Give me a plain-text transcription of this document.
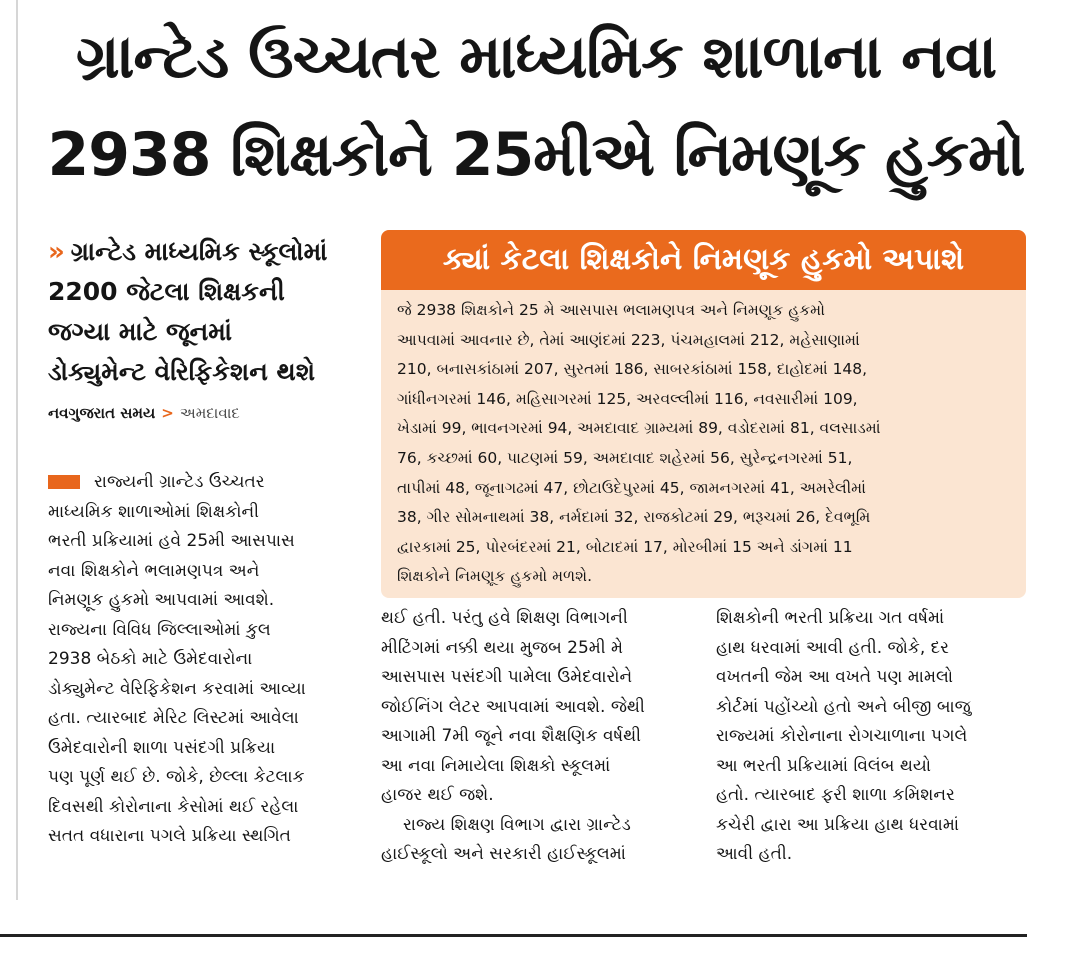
ગ્રાન્ટેડ ઉચ્ચતર માધ્યમિક શાળાના નવા
2938 શિક્ષકોને 25મીએ નિમણૂક હુકમો
» ગ્રાન્ટેડ માધ્યમિક સ્કૂલોમાં
2200 જેટલા શિક્ષકની
જગ્યા માટે જૂનમાં
ડોક્યુમેન્ટ વેરિફિકેશન થશે
નવગુજરાત સમય > અમદાવાદ
ક્યાં કેટલા શિક્ષકોને નિમણૂક હુકમો અપાશે
જે 2938 શિક્ષકોને 25 મે આસપાસ ભલામણપત્ર અને નિમણૂક હુકમો
આપવામાં આવનાર છે, તેમાં આણંદમાં 223, પંચમહાલમાં 212, મહેસાણામાં
210, બનાસકાંઠામાં 207, સુરતમાં 186, સાબરકાંઠામાં 158, દાહોદમાં 148,
ગાંધીનગરમાં 146, મહિસાગરમાં 125, અરવલ્લીમાં 116, નવસારીમાં 109,
ખેડામાં 99, ભાવનગરમાં 94, અમદાવાદ ગ્રામ્યમાં 89, વડોદરામાં 81, વલસાડમાં
76, કચ્છમાં 60, પાટણમાં 59, અમદાવાદ શહેરમાં 56, સુરેન્દ્રનગરમાં 51,
તાપીમાં 48, જૂનાગઢમાં 47, છોટાઉદેપુરમાં 45, જામનગરમાં 41, અમરેલીમાં
38, ગીર સોમનાથમાં 38, નર્મદામાં 32, રાજકોટમાં 29, ભરૂચમાં 26, દેવભૂમિ
દ્વારકામાં 25, પોરબંદરમાં 21, બોટાદમાં 17, મોરબીમાં 15 અને ડાંગમાં 11
શિક્ષકોને નિમણૂક હુકમો મળશે.
રાજ્યની ગ્રાન્ટેડ ઉચ્ચતર
માધ્યમિક શાળાઓમાં શિક્ષકોની
ભરતી પ્રક્રિયામાં હવે 25મી આસપાસ
નવા શિક્ષકોને ભલામણપત્ર અને
નિમણૂક હુકમો આપવામાં આવશે.
રાજ્યના વિવિધ જિલ્લાઓમાં કુલ
2938 બેઠકો માટે ઉમેદવારોના
ડોક્યુમેન્ટ વેરિફિકેશન કરવામાં આવ્યા
હતા. ત્યારબાદ મેરિટ લિસ્ટમાં આવેલા
ઉમેદવારોની શાળા પસંદગી પ્રક્રિયા
પણ પૂર્ણ થઈ છે. જોકે, છેલ્લા કેટલાક
દિવસથી કોરોનાના કેસોમાં થઈ રહેલા
સતત વધારાના પગલે પ્રક્રિયા સ્થગિત
થઈ હતી. પરંતુ હવે શિક્ષણ વિભાગની
મીટિંગમાં નક્કી થયા મુજબ 25મી મે
આસપાસ પસંદગી પામેલા ઉમેદવારોને
જોઈનિંગ લેટર આપવામાં આવશે. જેથી
આગામી 7મી જૂને નવા શૈક્ષણિક વર્ષથી
આ નવા નિમાયેલા શિક્ષકો સ્કૂલમાં
હાજર થઈ જશે.
રાજ્ય શિક્ષણ વિભાગ દ્વારા ગ્રાન્ટેડ
હાઈસ્કૂલો અને સરકારી હાઈસ્કૂલમાં
શિક્ષકોની ભરતી પ્રક્રિયા ગત વર્ષમાં
હાથ ધરવામાં આવી હતી. જોકે, દર
વખતની જેમ આ વખતે પણ મામલો
કોર્ટમાં પહોંચ્યો હતો અને બીજી બાજુ
રાજ્યમાં કોરોનાના રોગચાળાના પગલે
આ ભરતી પ્રક્રિયામાં વિલંબ થયો
હતો. ત્યારબાદ ફરી શાળા કમિશનર
કચેરી દ્વારા આ પ્રક્રિયા હાથ ધરવામાં
આવી હતી.
